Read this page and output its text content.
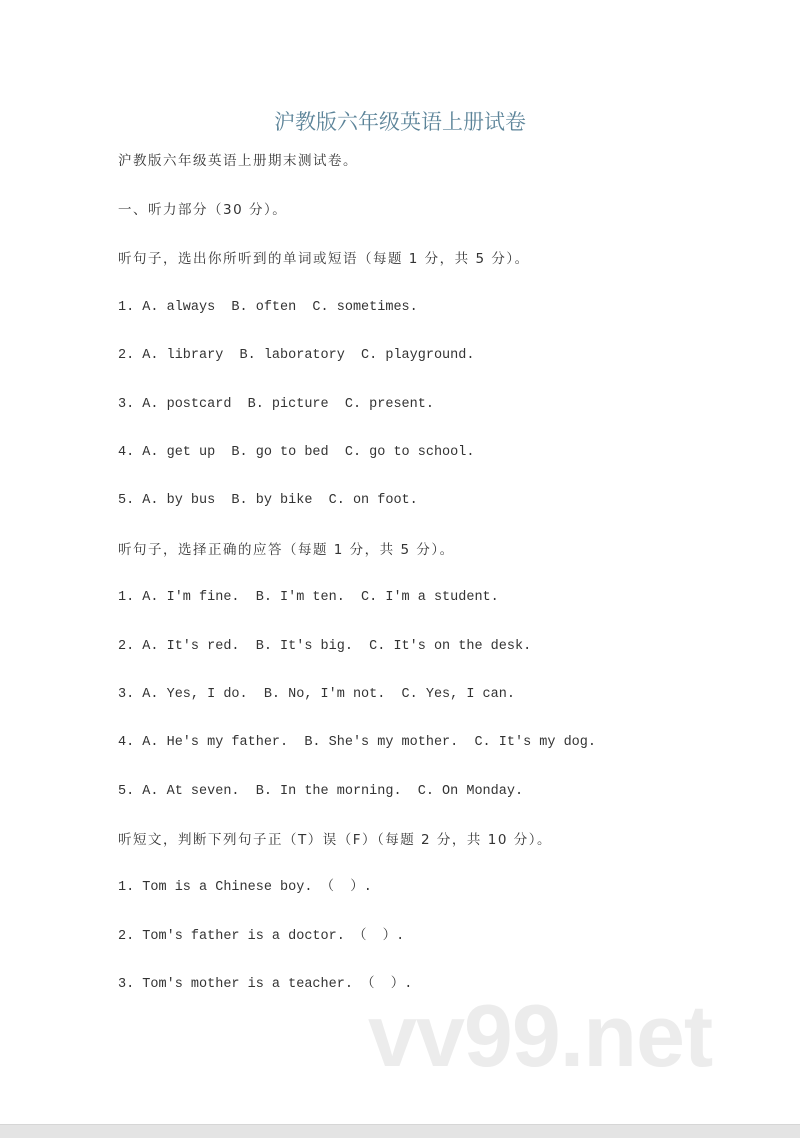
沪教版六年级英语上册试卷
沪教版六年级英语上册期末测试卷。
一、听力部分（30 分）。
听句子，选出你所听到的单词或短语（每题 1 分，共 5 分）。
1. A. always  B. often  C. sometimes.
2. A. library  B. laboratory  C. playground.
3. A. postcard  B. picture  C. present.
4. A. get up  B. go to bed  C. go to school.
5. A. by bus  B. by bike  C. on foot.
听句子，选择正确的应答（每题 1 分，共 5 分）。
1. A. I'm fine.  B. I'm ten.  C. I'm a student.
2. A. It's red.  B. It's big.  C. It's on the desk.
3. A. Yes, I do.  B. No, I'm not.  C. Yes, I can.
4. A. He's my father.  B. She's my mother.  C. It's my dog.
5. A. At seven.  B. In the morning.  C. On Monday.
听短文，判断下列句子正（T）误（F）（每题 2 分，共 10 分）。
1. Tom is a Chinese boy. （  ）.
2. Tom's father is a doctor. （  ）.
3. Tom's mother is a teacher. （  ）.
vv99.net
